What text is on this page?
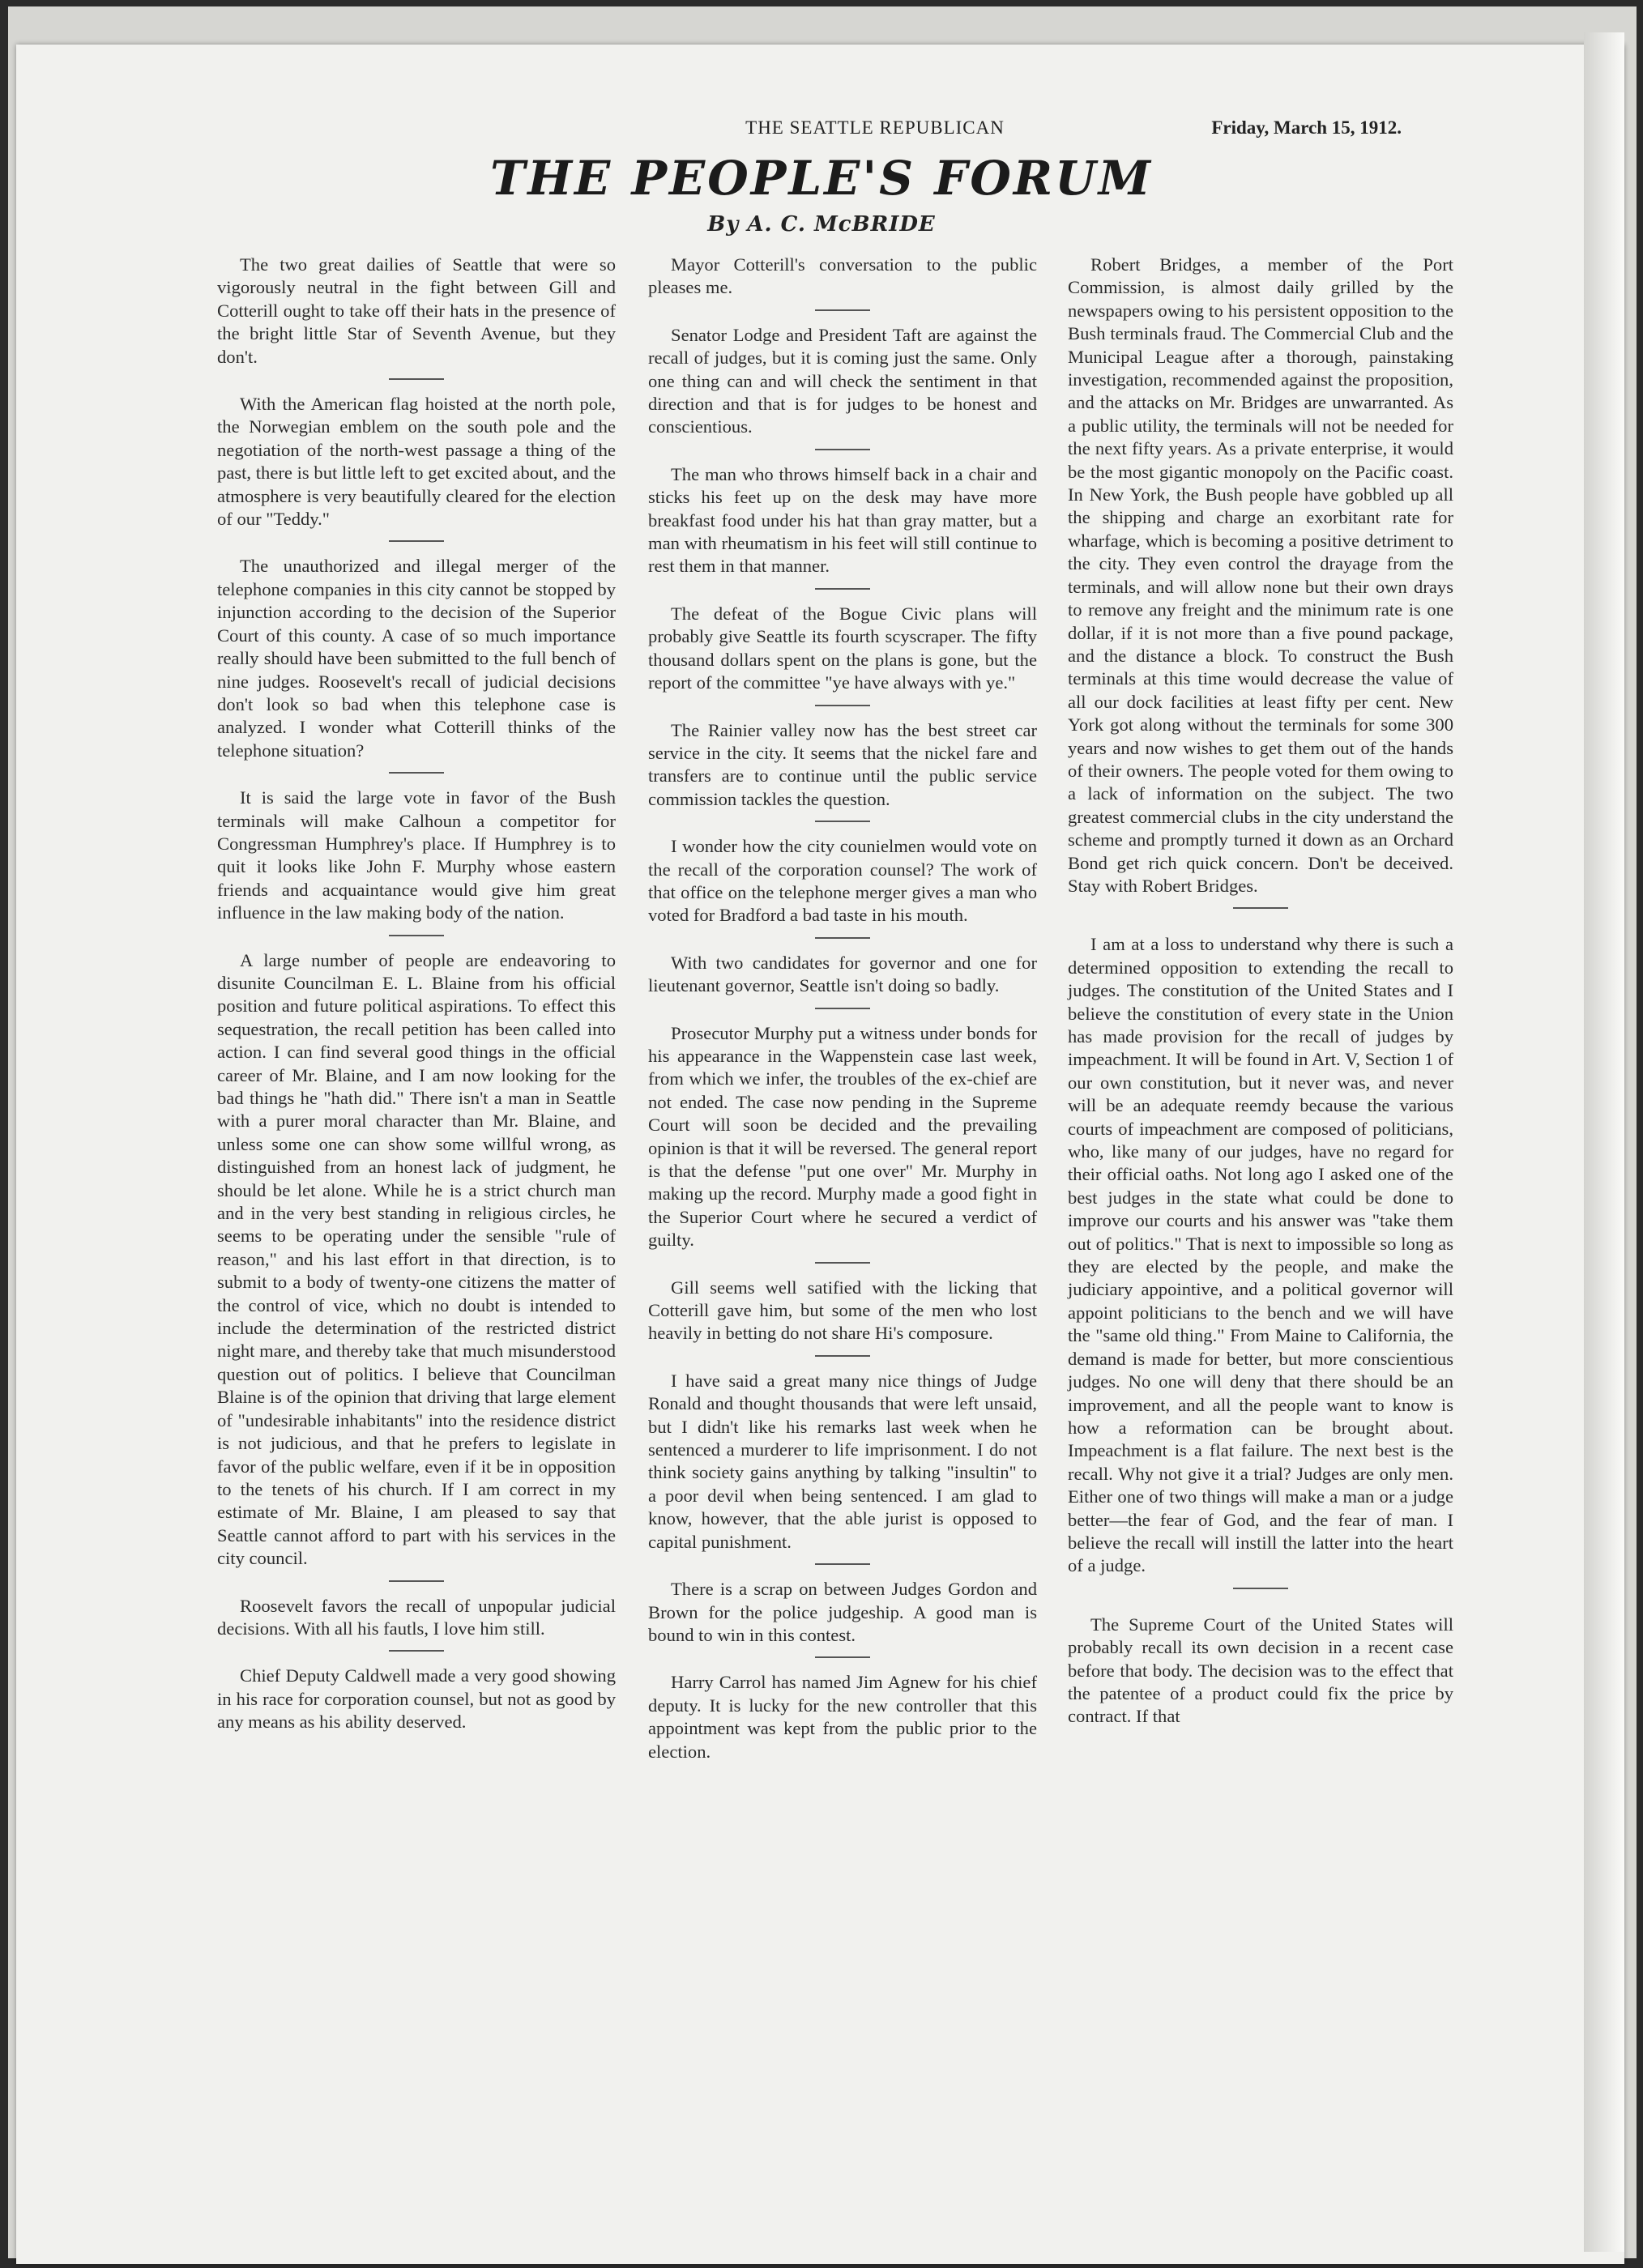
THE SEATTLE REPUBLICAN	Friday, March 15, 1912.
THE PEOPLE'S FORUM
By A. C. McBRIDE

The two great dailies of Seattle that were so vigorously neutral in the fight between Gill and Cotterill ought to take off their hats in the presence of the bright little Star of Seventh Avenue, but they don't.

With the American flag hoisted at the north pole, the Norwegian emblem on the south pole and the negotiation of the north-west passage a thing of the past, there is but little left to get excited about, and the atmosphere is very beautifully cleared for the election of our "Teddy."

The unauthorized and illegal merger of the telephone companies in this city cannot be stopped by injunction according to the decision of the Superior Court of this county. A case of so much importance really should have been submitted to the full bench of nine judges. Roosevelt's recall of judicial decisions don't look so bad when this telephone case is analyzed. I wonder what Cotterill thinks of the telephone situation?

It is said the large vote in favor of the Bush terminals will make Calhoun a competitor for Congressman Humphrey's place. If Humphrey is to quit it looks like John F. Murphy whose eastern friends and acquaintance would give him great influence in the law making body of the nation.

A large number of people are endeavoring to disunite Councilman E. L. Blaine from his official position and future political aspirations. To effect this sequestration, the recall petition has been called into action. I can find several good things in the official career of Mr. Blaine, and I am now looking for the bad things he "hath did." There isn't a man in Seattle with a purer moral character than Mr. Blaine, and unless some one can show some willful wrong, as distinguished from an honest lack of judgment, he should be let alone. While he is a strict church man and in the very best standing in religious circles, he seems to be operating under the sensible "rule of reason," and his last effort in that direction, is to submit to a body of twenty-one citizens the matter of the control of vice, which no doubt is intended to include the determination of the restricted district night mare, and thereby take that much misunderstood question out of politics. I believe that Councilman Blaine is of the opinion that driving that large element of "undesirable inhabitants" into the residence district is not judicious, and that he prefers to legislate in favor of the public welfare, even if it be in opposition to the tenets of his church. If I am correct in my estimate of Mr. Blaine, I am pleased to say that Seattle cannot afford to part with his services in the city council.

Roosevelt favors the recall of unpopular judicial decisions. With all his fautls, I love him still.

Chief Deputy Caldwell made a very good showing in his race for corporation counsel, but not as good by any means as his ability deserved.

Mayor Cotterill's conversation to the public pleases me.

Senator Lodge and President Taft are against the recall of judges, but it is coming just the same. Only one thing can and will check the sentiment in that direction and that is for judges to be honest and conscientious.

The man who throws himself back in a chair and sticks his feet up on the desk may have more breakfast food under his hat than gray matter, but a man with rheumatism in his feet will still continue to rest them in that manner.

The defeat of the Bogue Civic plans will probably give Seattle its fourth scyscraper. The fifty thousand dollars spent on the plans is gone, but the report of the committee "ye have always with ye."

The Rainier valley now has the best street car service in the city. It seems that the nickel fare and transfers are to continue until the public service commission tackles the question.

I wonder how the city counielmen would vote on the recall of the corporation counsel? The work of that office on the telephone merger gives a man who voted for Bradford a bad taste in his mouth.

With two candidates for governor and one for lieutenant governor, Seattle isn't doing so badly.

Prosecutor Murphy put a witness under bonds for his appearance in the Wappenstein case last week, from which we infer, the troubles of the ex-chief are not ended. The case now pending in the Supreme Court will soon be decided and the prevailing opinion is that it will be reversed. The general report is that the defense "put one over" Mr. Murphy in making up the record. Murphy made a good fight in the Superior Court where he secured a verdict of guilty.

Gill seems well satified with the licking that Cotterill gave him, but some of the men who lost heavily in betting do not share Hi's composure.

I have said a great many nice things of Judge Ronald and thought thousands that were left unsaid, but I didn't like his remarks last week when he sentenced a murderer to life imprisonment. I do not think society gains anything by talking "insultin" to a poor devil when being sentenced. I am glad to know, however, that the able jurist is opposed to capital punishment.

There is a scrap on between Judges Gordon and Brown for the police judgeship. A good man is bound to win in this contest.

Harry Carrol has named Jim Agnew for his chief deputy. It is lucky for the new controller that this appointment was kept from the public prior to the election.

Robert Bridges, a member of the Port Commission, is almost daily grilled by the newspapers owing to his persistent opposition to the Bush terminals fraud. The Commercial Club and the Municipal League after a thorough, painstaking investigation, recommended against the proposition, and the attacks on Mr. Bridges are unwarranted. As a public utility, the terminals will not be needed for the next fifty years. As a private enterprise, it would be the most gigantic monopoly on the Pacific coast. In New York, the Bush people have gobbled up all the shipping and charge an exorbitant rate for wharfage, which is becoming a positive detriment to the city. They even control the drayage from the terminals, and will allow none but their own drays to remove any freight and the minimum rate is one dollar, if it is not more than a five pound package, and the distance a block. To construct the Bush terminals at this time would decrease the value of all our dock facilities at least fifty per cent. New York got along without the terminals for some 300 years and now wishes to get them out of the hands of their owners. The people voted for them owing to a lack of information on the subject. The two greatest commercial clubs in the city understand the scheme and promptly turned it down as an Orchard Bond get rich quick concern. Don't be deceived. Stay with Robert Bridges.

I am at a loss to understand why there is such a determined opposition to extending the recall to judges. The constitution of the United States and I believe the constitution of every state in the Union has made provision for the recall of judges by impeachment. It will be found in Art. V, Section 1 of our own constitution, but it never was, and never will be an adequate reemdy because the various courts of impeachment are composed of politicians, who, like many of our judges, have no regard for their official oaths. Not long ago I asked one of the best judges in the state what could be done to improve our courts and his answer was "take them out of politics." That is next to impossible so long as they are elected by the people, and make the judiciary appointive, and a political governor will appoint politicians to the bench and we will have the "same old thing." From Maine to California, the demand is made for better, but more conscientious judges. No one will deny that there should be an improvement, and all the people want to know is how a reformation can be brought about. Impeachment is a flat failure. The next best is the recall. Why not give it a trial? Judges are only men. Either one of two things will make a man or a judge better—the fear of God, and the fear of man. I believe the recall will instill the latter into the heart of a judge.

The Supreme Court of the United States will probably recall its own decision in a recent case before that body. The decision was to the effect that the patentee of a product could fix the price by contract. If that
